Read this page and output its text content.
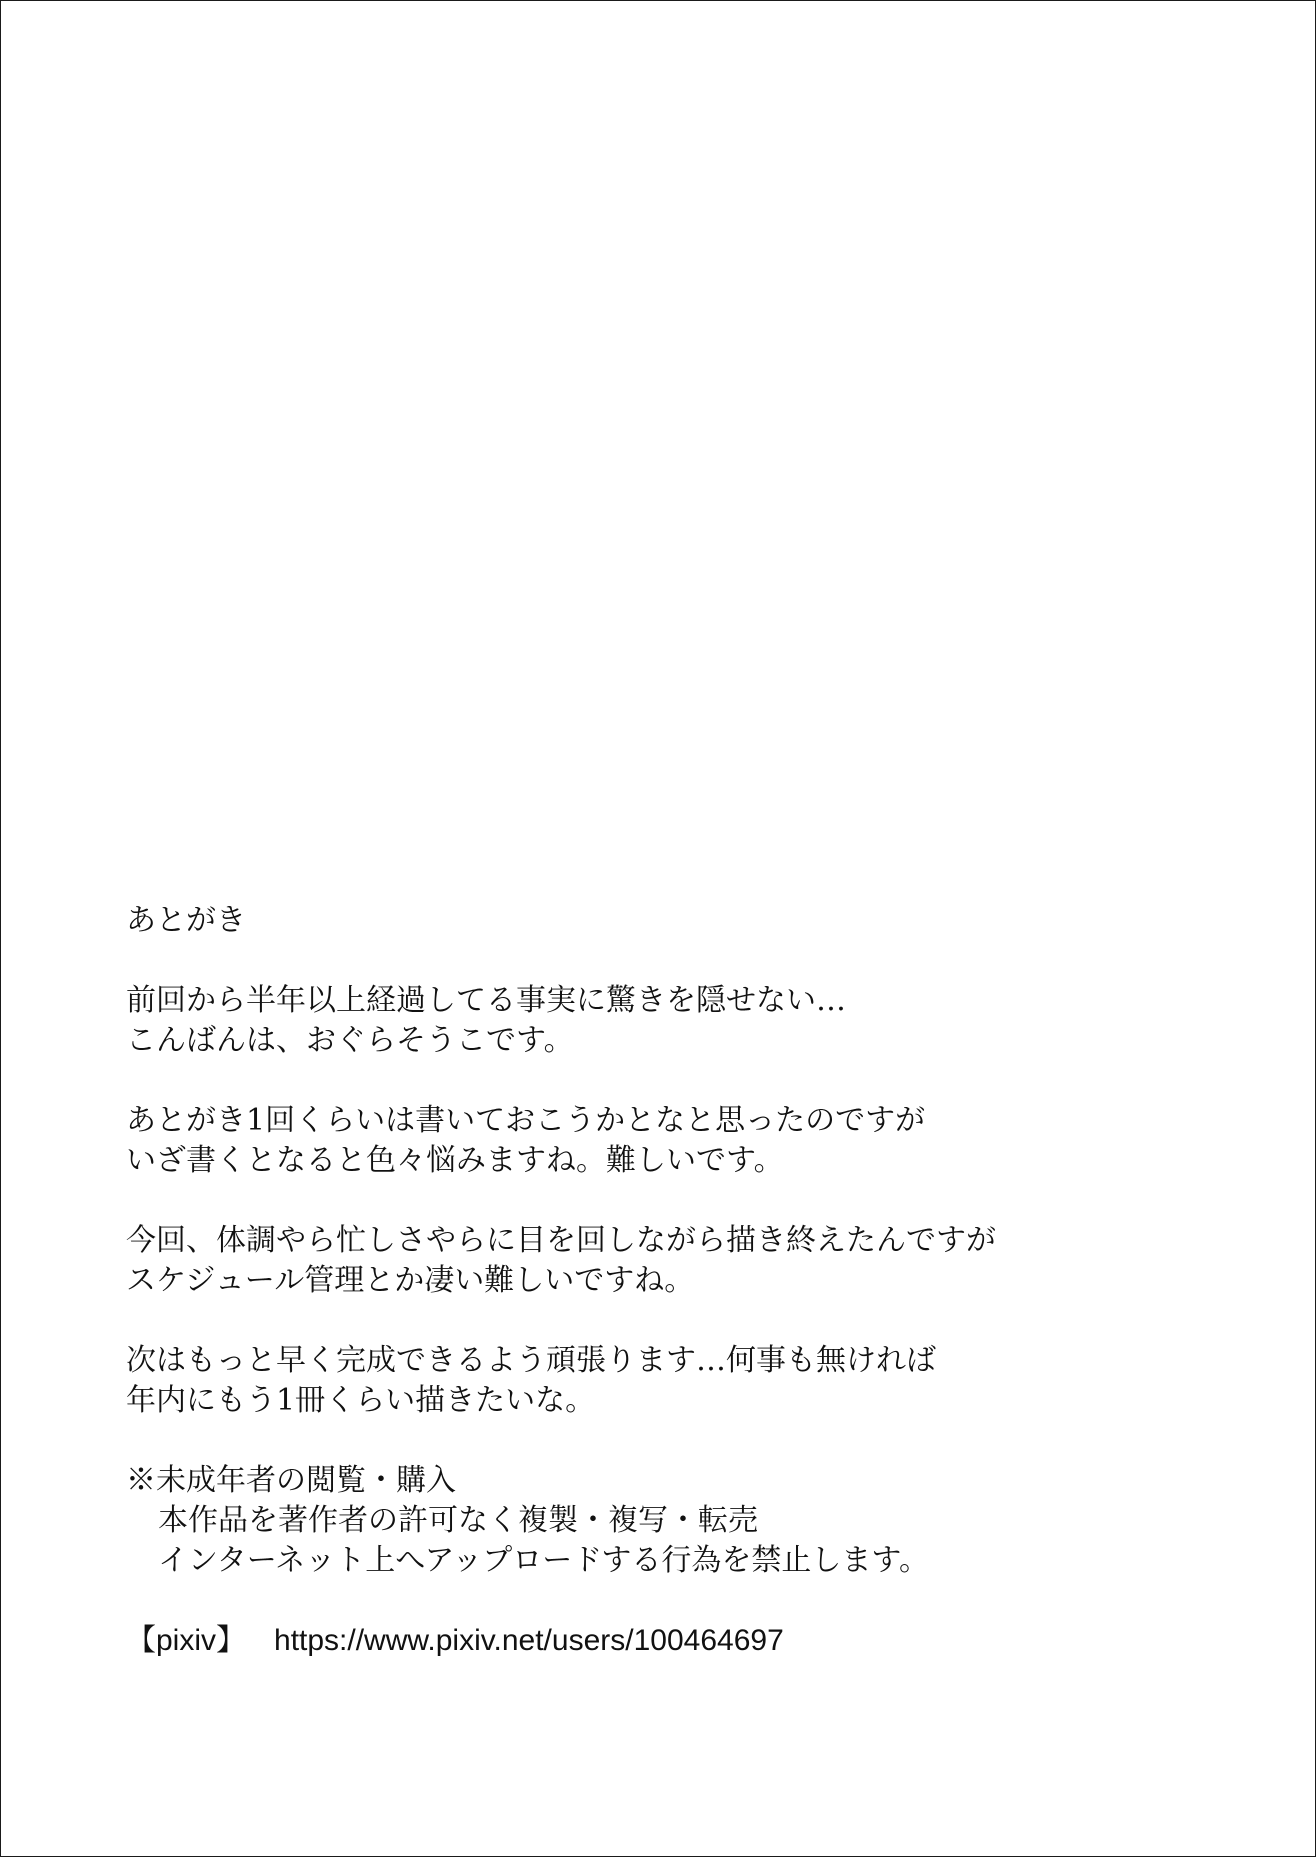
あとがき
前回から半年以上経過してる事実に驚きを隠せない…
こんばんは、おぐらそうこです。
あとがき1回くらいは書いておこうかとなと思ったのですが
いざ書くとなると色々悩みますね。難しいです。
今回、体調やら忙しさやらに目を回しながら描き終えたんですが
スケジュール管理とか凄い難しいですね。
次はもっと早く完成できるよう頑張ります…何事も無ければ
年内にもう1冊くらい描きたいな。
※未成年者の閲覧・購入
本作品を著作者の許可なく複製・複写・転売
インターネット上へアップロードする行為を禁止します。
【pixiv】 https://www.pixiv.net/users/100464697
